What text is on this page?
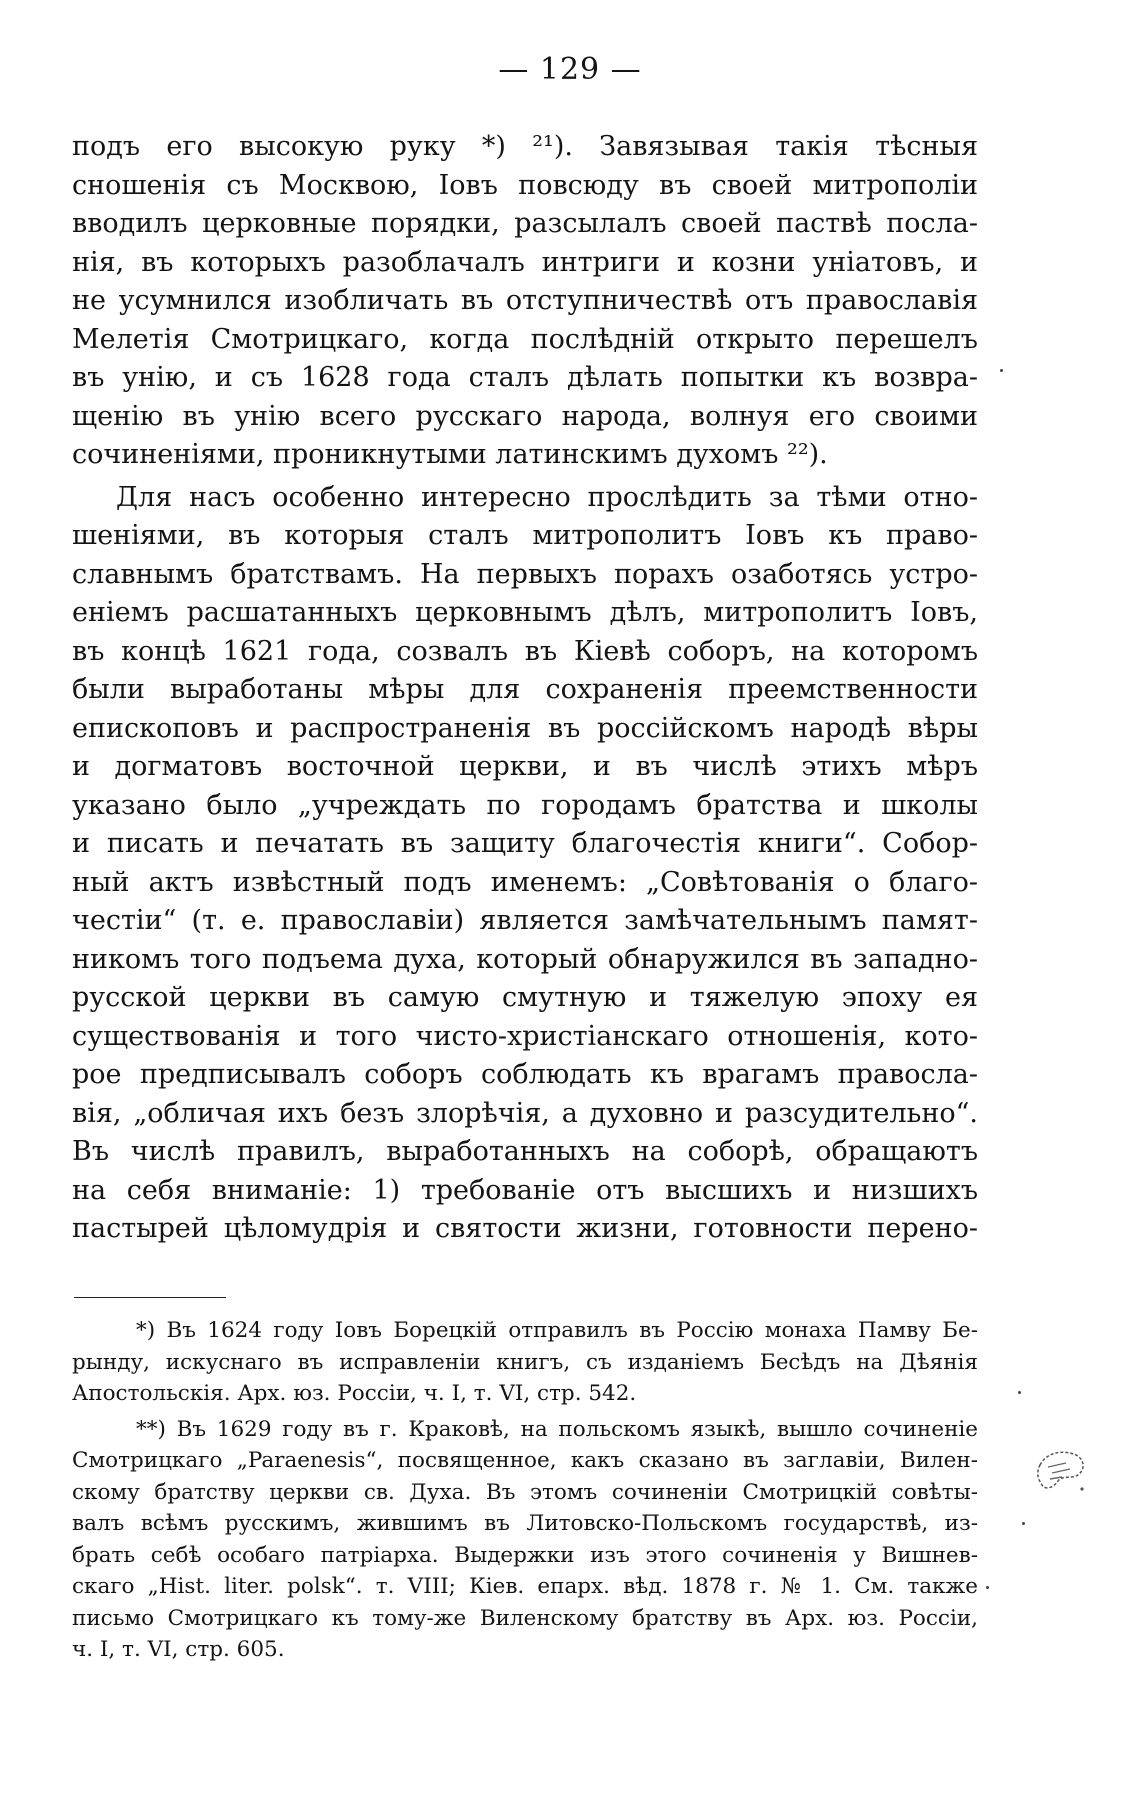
— 129 —
подъ его высокую руку *) ²¹). Завязывая такія тѣсныя
сношенія съ Москвою, Іовъ повсюду въ своей митрополіи
вводилъ церковные порядки, разсылалъ своей паствѣ посла-
нія, въ которыхъ разоблачалъ интриги и козни уніатовъ, и
не усумнился изобличать въ отступничествѣ отъ православія
Мелетія Смотрицкаго, когда послѣдній открыто перешелъ
въ унію, и съ 1628 года сталъ дѣлать попытки къ возвра-
щенію въ унію всего русскаго народа, волнуя его своими
сочиненіями, проникнутыми латинскимъ духомъ ²²).
Для насъ особенно интересно прослѣдить за тѣми отно-
шеніями, въ которыя сталъ митрополитъ Іовъ къ право-
славнымъ братствамъ. На первыхъ порахъ озаботясь устро-
еніемъ расшатанныхъ церковнымъ дѣлъ, митрополитъ Іовъ,
въ концѣ 1621 года, созвалъ въ Кіевѣ соборъ, на которомъ
были выработаны мѣры для сохраненія преемственности
епископовъ и распространенія въ россійскомъ народѣ вѣры
и догматовъ восточной церкви, и въ числѣ этихъ мѣръ
указано было „учреждать по городамъ братства и школы
и писать и печатать въ защиту благочестія книги“. Собор-
ный актъ извѣстный подъ именемъ: „Совѣтованія о благо-
честіи“ (т. е. православіи) является замѣчательнымъ памят-
никомъ того подъема духа, который обнаружился въ западно-
русской церкви въ самую смутную и тяжелую эпоху ея
существованія и того чисто-христіанскаго отношенія, кото-
рое предписывалъ соборъ соблюдать къ врагамъ правосла-
вія, „обличая ихъ безъ злорѣчія, а духовно и разсудительно“.
Въ числѣ правилъ, выработанныхъ на соборѣ, обращаютъ
на себя вниманіе: 1) требованіе отъ высшихъ и низшихъ
пастырей цѣломудрія и святости жизни, готовности перено-
*) Въ 1624 году Іовъ Борецкій отправилъ въ Россію монаха Памву Бе-
рынду, искуснаго въ исправленіи книгъ, съ изданіемъ Бесѣдъ на Дѣянія
Апостольскія. Арх. юз. Россіи, ч. I, т. VI, стр. 542.
**) Въ 1629 году въ г. Краковѣ, на польскомъ языкѣ, вышло сочиненіе
Смотрицкаго „Paraenesis“, посвященное, какъ сказано въ заглавіи, Вилен-
скому братству церкви св. Духа. Въ этомъ сочиненіи Смотрицкій совѣты-
валъ всѣмъ русскимъ, жившимъ въ Литовско-Польскомъ государствѣ, из-
брать себѣ особаго патріарха. Выдержки изъ этого сочиненія у Вишнев-
скаго „Hist. liter. polsk“. т. VIII; Кіев. епарх. вѣд. 1878 г. № 1. См. также
письмо Смотрицкаго къ тому-же Виленскому братству въ Арх. юз. Россіи,
ч. I, т. VI, стр. 605.
